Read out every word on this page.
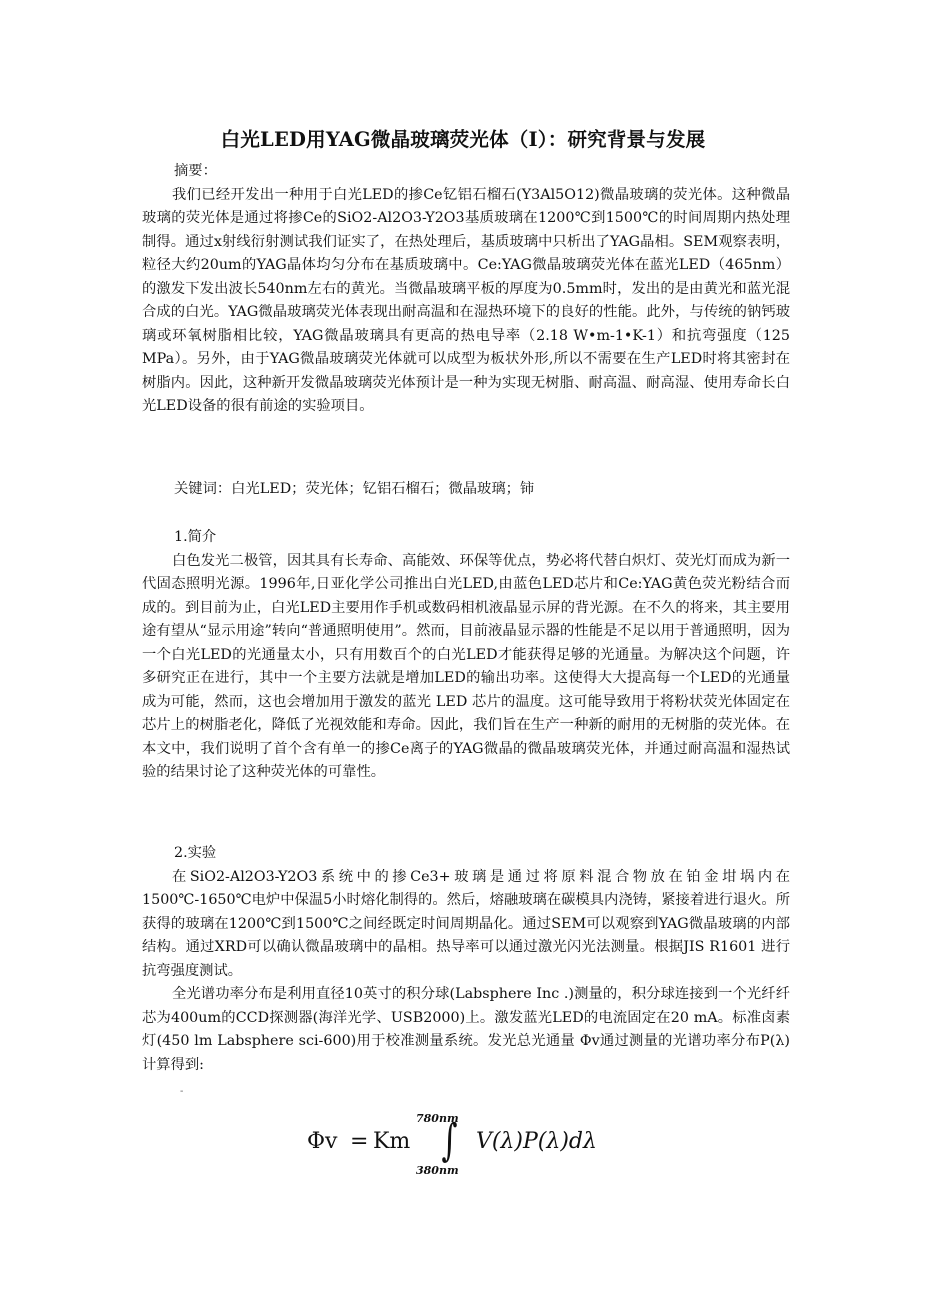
白光LED用YAG微晶玻璃荧光体（I）：研究背景与发展

摘要：

我们已经开发出一种用于白光LED的掺Ce钇铝石榴石(Y3Al5O12)微晶玻璃的荧光体。这种微晶玻璃的荧光体是通过将掺Ce的SiO2-Al2O3-Y2O3基质玻璃在1200℃到1500℃的时间周期内热处理制得。通过x射线衍射测试我们证实了，在热处理后，基质玻璃中只析出了YAG晶相。SEM观察表明，粒径大约20um的YAG晶体均匀分布在基质玻璃中。Ce:YAG微晶玻璃荧光体在蓝光LED（465nm）的激发下发出波长540nm左右的黄光。当微晶玻璃平板的厚度为0.5mm时，发出的是由黄光和蓝光混合成的白光。YAG微晶玻璃荧光体表现出耐高温和在湿热环境下的良好的性能。此外，与传统的钠钙玻璃或环氧树脂相比较，YAG微晶玻璃具有更高的热电导率（2.18 W•m-1•K-1）和抗弯强度（125 MPa）。另外，由于YAG微晶玻璃荧光体就可以成型为板状外形,所以不需要在生产LED时将其密封在树脂内。因此，这种新开发微晶玻璃荧光体预计是一种为实现无树脂、耐高温、耐高湿、使用寿命长白光LED设备的很有前途的实验项目。

关键词：白光LED；荧光体；钇铝石榴石；微晶玻璃；铈

1.简介

白色发光二极管，因其具有长寿命、高能效、环保等优点，势必将代替白炽灯、荧光灯而成为新一代固态照明光源。1996年,日亚化学公司推出白光LED,由蓝色LED芯片和Ce:YAG黄色荧光粉结合而成的。到目前为止，白光LED主要用作手机或数码相机液晶显示屏的背光源。在不久的将来，其主要用途有望从“显示用途”转向“普通照明使用”。然而，目前液晶显示器的性能是不足以用于普通照明，因为一个白光LED的光通量太小，只有用数百个的白光LED才能获得足够的光通量。为解决这个问题，许多研究正在进行，其中一个主要方法就是增加LED的输出功率。这使得大大提高每一个LED的光通量成为可能，然而，这也会增加用于激发的蓝光 LED 芯片的温度。这可能导致用于将粉状荧光体固定在芯片上的树脂老化，降低了光视效能和寿命。因此，我们旨在生产一种新的耐用的无树脂的荧光体。在本文中，我们说明了首个含有单一的掺Ce离子的YAG微晶的微晶玻璃荧光体，并通过耐高温和湿热试验的结果讨论了这种荧光体的可靠性。

2.实验

在SiO2-Al2O3-Y2O3系统中的掺Ce3+玻璃是通过将原料混合物放在铂金坩埚内在1500℃-1650℃电炉中保温5小时熔化制得的。然后，熔融玻璃在碳模具内浇铸，紧接着进行退火。所获得的玻璃在1200℃到1500℃之间经既定时间周期晶化。通过SEM可以观察到YAG微晶玻璃的内部结构。通过XRD可以确认微晶玻璃中的晶相。热导率可以通过激光闪光法测量。根据JIS R1601 进行抗弯强度测试。

全光谱功率分布是利用直径10英寸的积分球(Labsphere Inc .)测量的，积分球连接到一个光纤纤芯为400um的CCD探测器(海洋光学、USB2000)上。激发蓝光LED的电流固定在20 mA。标准卤素灯(450 lm Labsphere sci-600)用于校准测量系统。发光总光通量 Φv通过测量的光谱功率分布P(λ)计算得到:

-
Φv = Km
780nm
∫
380nm
V(λ)P(λ)dλ
